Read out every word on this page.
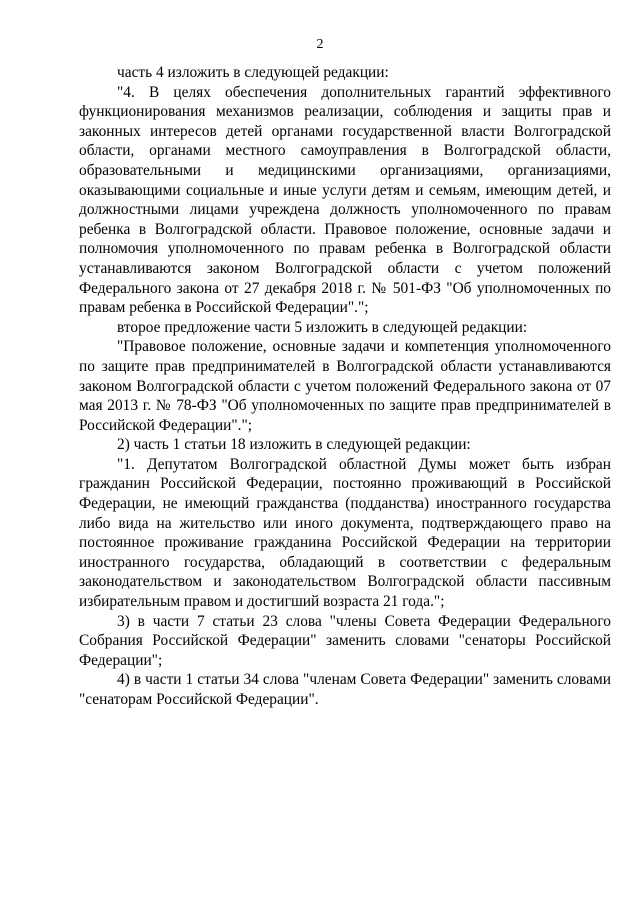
2

часть 4 изложить в следующей редакции:

"4. В целях обеспечения дополнительных гарантий эффективного функционирования механизмов реализации, соблюдения и защиты прав и законных интересов детей органами государственной власти Волгоградской области, органами местного самоуправления в Волгоградской области, образовательными и медицинскими организациями, организациями, оказывающими социальные и иные услуги детям и семьям, имеющим детей, и должностными лицами учреждена должность уполномоченного по правам ребенка в Волгоградской области. Правовое положение, основные задачи и полномочия уполномоченного по правам ребенка в Волгоградской области устанавливаются законом Волгоградской области с учетом положений Федерального закона от 27 декабря 2018 г. № 501-ФЗ "Об уполномоченных по правам ребенка в Российской Федерации".";

второе предложение части 5 изложить в следующей редакции:

"Правовое положение, основные задачи и компетенция уполномоченного по защите прав предпринимателей в Волгоградской области устанавливаются законом Волгоградской области с учетом положений Федерального закона от 07 мая 2013 г. № 78-ФЗ "Об уполномоченных по защите прав предпринимателей в Российской Федерации".";

2) часть 1 статьи 18 изложить в следующей редакции:

"1. Депутатом Волгоградской областной Думы может быть избран гражданин Российской Федерации, постоянно проживающий в Российской Федерации, не имеющий гражданства (подданства) иностранного государства либо вида на жительство или иного документа, подтверждающего право на постоянное проживание гражданина Российской Федерации на территории иностранного государства, обладающий в соответствии с федеральным законодательством и законодательством Волгоградской области пассивным избирательным правом и достигший возраста 21 года.";

3) в части 7 статьи 23 слова "члены Совета Федерации Федерального Собрания Российской Федерации" заменить словами "сенаторы Российской Федерации";

4) в части 1 статьи 34 слова "членам Совета Федерации" заменить словами "сенаторам Российской Федерации".
